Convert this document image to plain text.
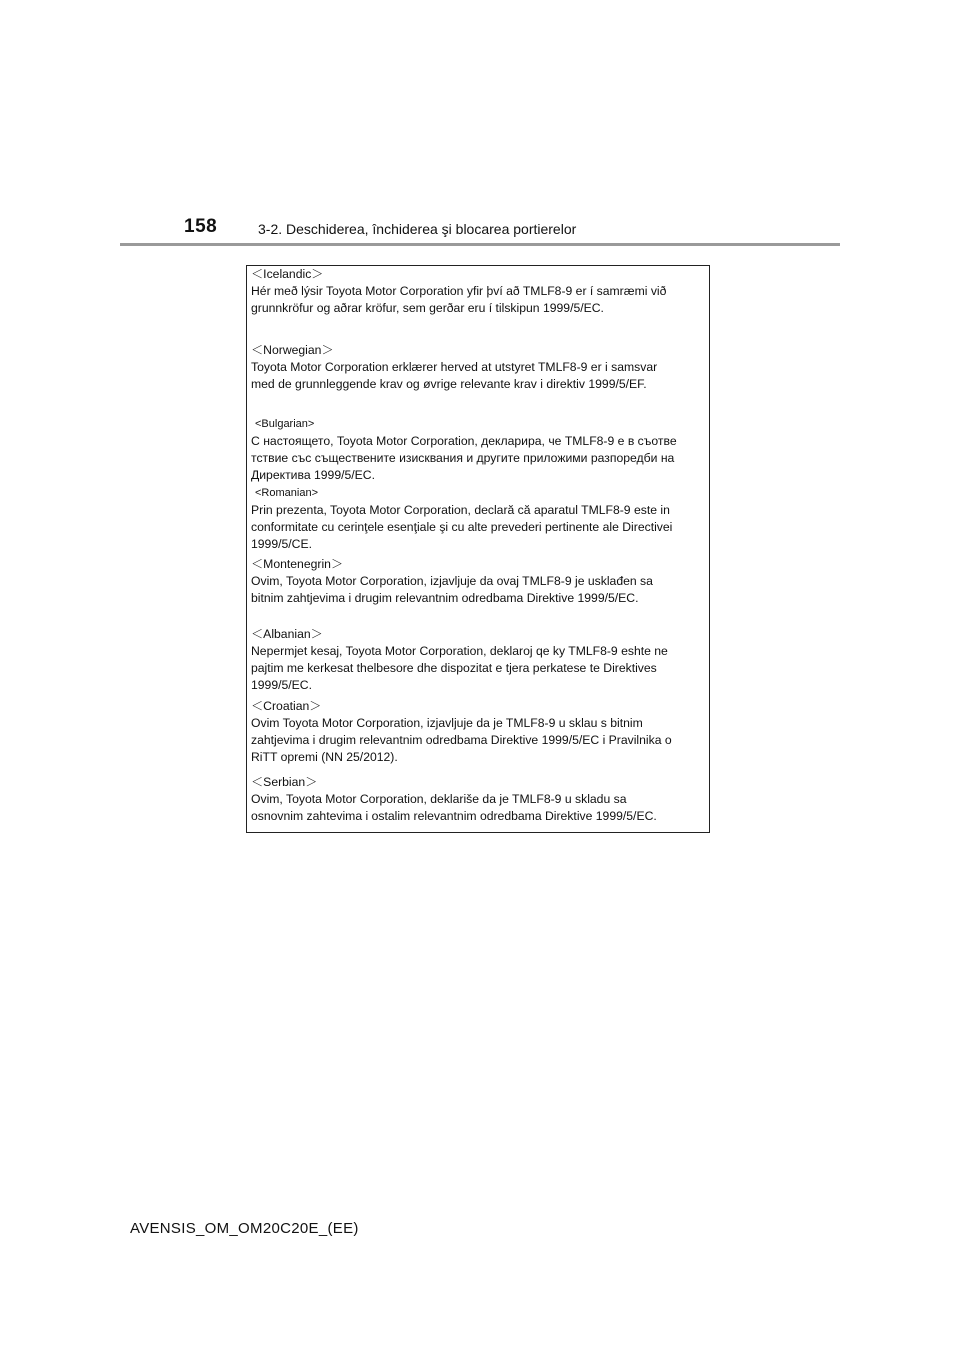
158	3-2. Deschiderea, închiderea şi blocarea portierelor
＜Icelandic＞
Hér með lýsir Toyota Motor Corporation yfir því að TMLF8-9 er í samræmi við
grunnkröfur og aðrar kröfur, sem gerðar eru í tilskipun 1999/5/EC.
＜Norwegian＞
Toyota Motor Corporation erklærer herved at utstyret TMLF8-9 er i samsvar
med de grunnleggende krav og øvrige relevante krav i direktiv 1999/5/EF.
<Bulgarian>
С настоящето, Toyota Motor Corporation, декларира, че TMLF8-9 е в съотве
тствие със съществените изисквания и другите приложими разпоредби на
Директива 1999/5/EC.
<Romanian>
Prin prezenta, Toyota Motor Corporation, declară că aparatul TMLF8-9 este in
conformitate cu cerinţele esenţiale şi cu alte prevederi pertinente ale Directivei
1999/5/CE.
＜Montenegrin＞
Ovim, Toyota Motor Corporation, izjavljuje da ovaj TMLF8-9 je usklađen sa
bitnim zahtjevima i drugim relevantnim odredbama Direktive 1999/5/EC.
＜Albanian＞
Nepermjet kesaj, Toyota Motor Corporation, deklaroj qe ky TMLF8-9 eshte ne
pajtim me kerkesat thelbesore dhe dispozitat e tjera perkatese te Direktives
1999/5/EC.
＜Croatian＞
Ovim Toyota Motor Corporation, izjavljuje da je TMLF8-9 u sklau s bitnim
zahtjevima i drugim relevantnim odredbama Direktive 1999/5/EC i Pravilnika o
RiTT opremi (NN 25/2012).
＜Serbian＞
Ovim, Toyota Motor Corporation, deklariše da je TMLF8-9 u skladu sa
osnovnim zahtevima i ostalim relevantnim odredbama Direktive 1999/5/EC.
AVENSIS_OM_OM20C20E_(EE)
